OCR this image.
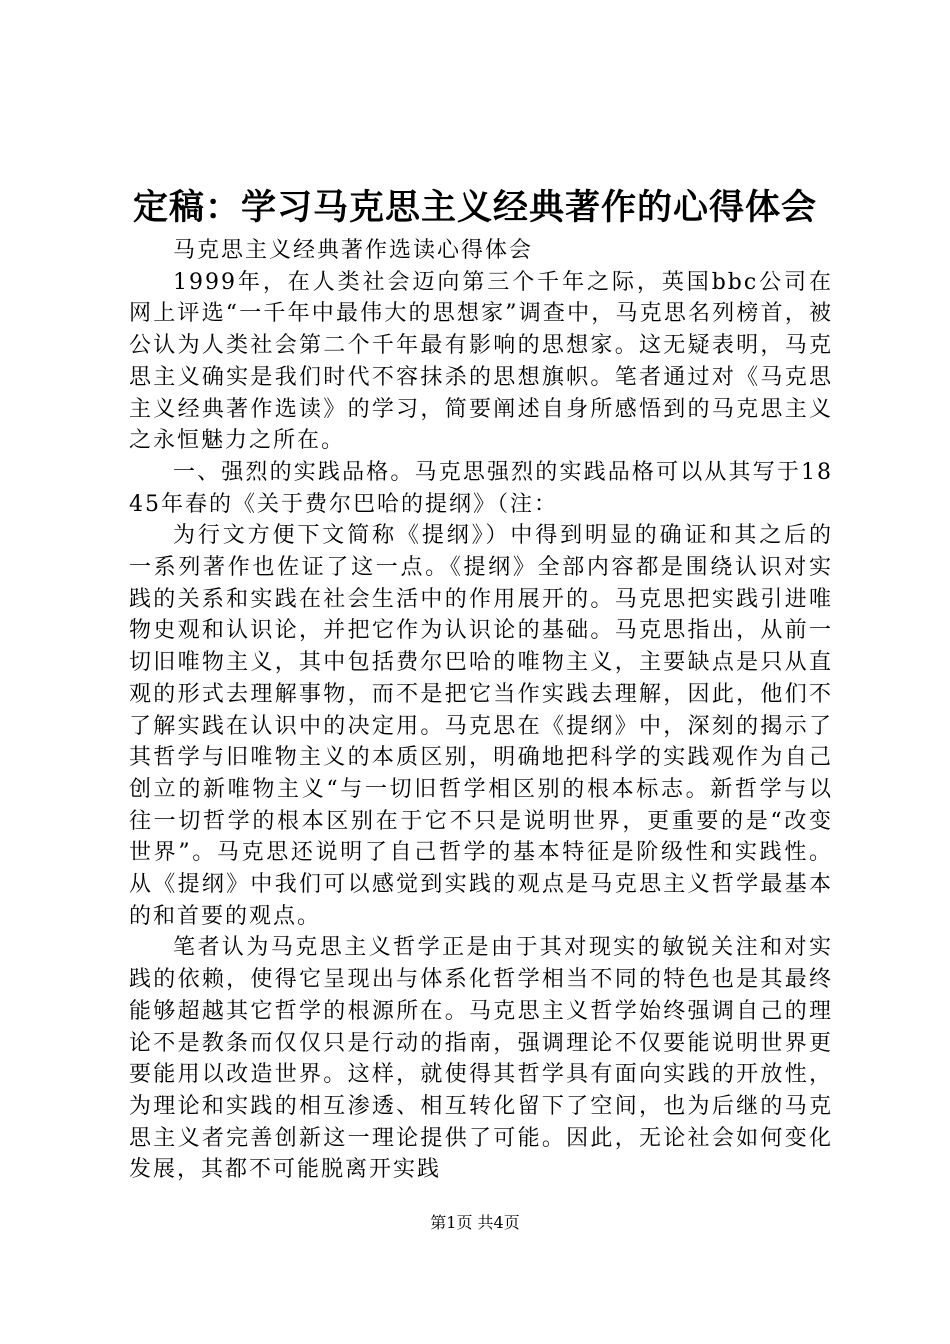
定稿：学习马克思主义经典著作的心得体会

马克思主义经典著作选读心得体会

1999年，在人类社会迈向第三个千年之际，英国bbc公司在网上评选“一千年中最伟大的思想家”调查中，马克思名列榜首，被公认为人类社会第二个千年最有影响的思想家。这无疑表明，马克思主义确实是我们时代不容抹杀的思想旗帜。笔者通过对《马克思主义经典著作选读》的学习，简要阐述自身所感悟到的马克思主义之永恒魅力之所在。

一、强烈的实践品格。马克思强烈的实践品格可以从其写于1845年春的《关于费尔巴哈的提纲》（注：

为行文方便下文简称《提纲》）中得到明显的确证和其之后的一系列著作也佐证了这一点。《提纲》全部内容都是围绕认识对实践的关系和实践在社会生活中的作用展开的。马克思把实践引进唯物史观和认识论，并把它作为认识论的基础。马克思指出，从前一切旧唯物主义，其中包括费尔巴哈的唯物主义，主要缺点是只从直观的形式去理解事物，而不是把它当作实践去理解，因此，他们不了解实践在认识中的决定用。马克思在《提纲》中，深刻的揭示了其哲学与旧唯物主义的本质区别，明确地把科学的实践观作为自己创立的新唯物主义“与一切旧哲学相区别的根本标志。新哲学与以往一切哲学的根本区别在于它不只是说明世界，更重要的是“改变世界”。马克思还说明了自己哲学的基本特征是阶级性和实践性。从《提纲》中我们可以感觉到实践的观点是马克思主义哲学最基本的和首要的观点。

笔者认为马克思主义哲学正是由于其对现实的敏锐关注和对实践的依赖，使得它呈现出与体系化哲学相当不同的特色也是其最终能够超越其它哲学的根源所在。马克思主义哲学始终强调自己的理论不是教条而仅仅只是行动的指南，强调理论不仅要能说明世界更要能用以改造世界。这样，就使得其哲学具有面向实践的开放性，为理论和实践的相互渗透、相互转化留下了空间，也为后继的马克思主义者完善创新这一理论提供了可能。因此，无论社会如何变化发展，其都不可能脱离开实践

第1页 共4页
